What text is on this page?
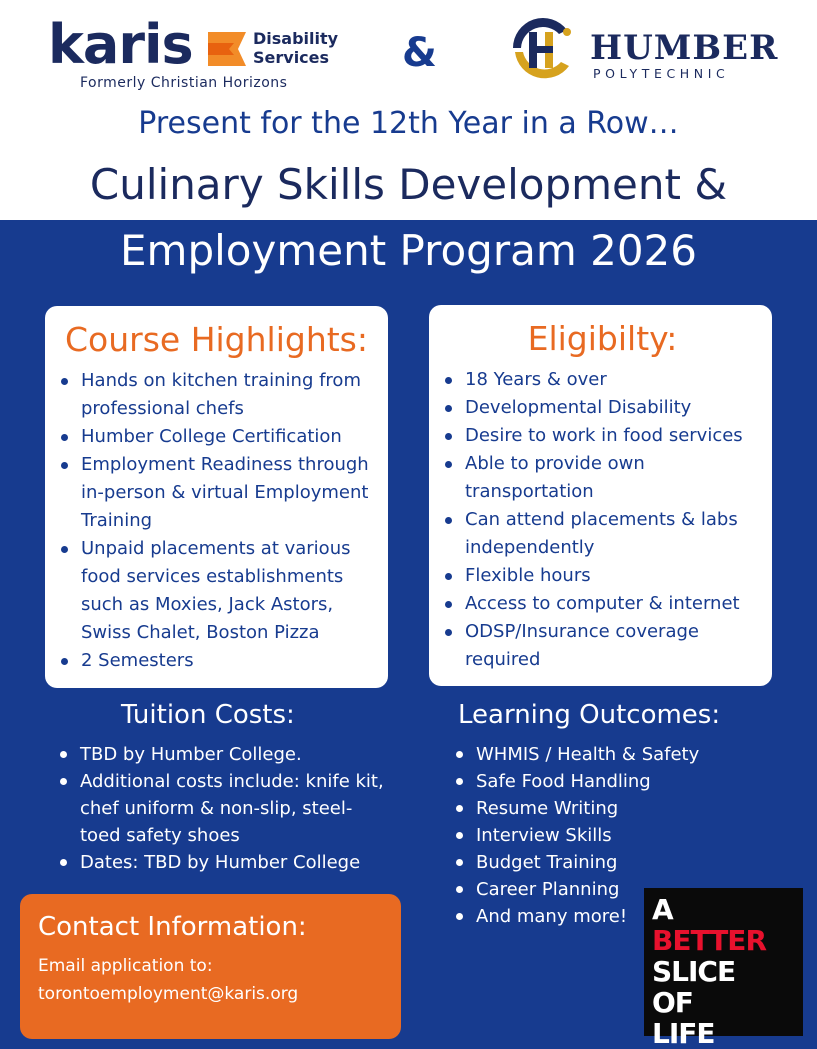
karis	Disability
Services
Formerly Christian Horizons
&	HUMBER
POLYTECHNIC
Present for the 12th Year in a Row…
Culinary Skills Development &
Employment Program 2026
Course Highlights:
Hands on kitchen training from professional chefs
Humber College Certification
Employment Readiness through in-person & virtual Employment Training
Unpaid placements at various food services establishments such as Moxies, Jack Astors, Swiss Chalet, Boston Pizza
2 Semesters
Eligibilty:
18 Years & over
Developmental Disability
Desire to work in food services
Able to provide own transportation
Can attend placements & labs independently
Flexible hours
Access to computer & internet
ODSP/Insurance coverage required
Tuition Costs:
TBD by Humber College.
Additional costs include: knife kit, chef uniform & non-slip, steel-toed safety shoes
Dates: TBD by Humber College
Learning Outcomes:
WHMIS / Health & Safety
Safe Food Handling
Resume Writing
Interview Skills
Budget Training
Career Planning
And many more!
Contact Information:
Email application to:
torontoemployment@karis.org
A
BETTER
SLICE
OF
LIFE
